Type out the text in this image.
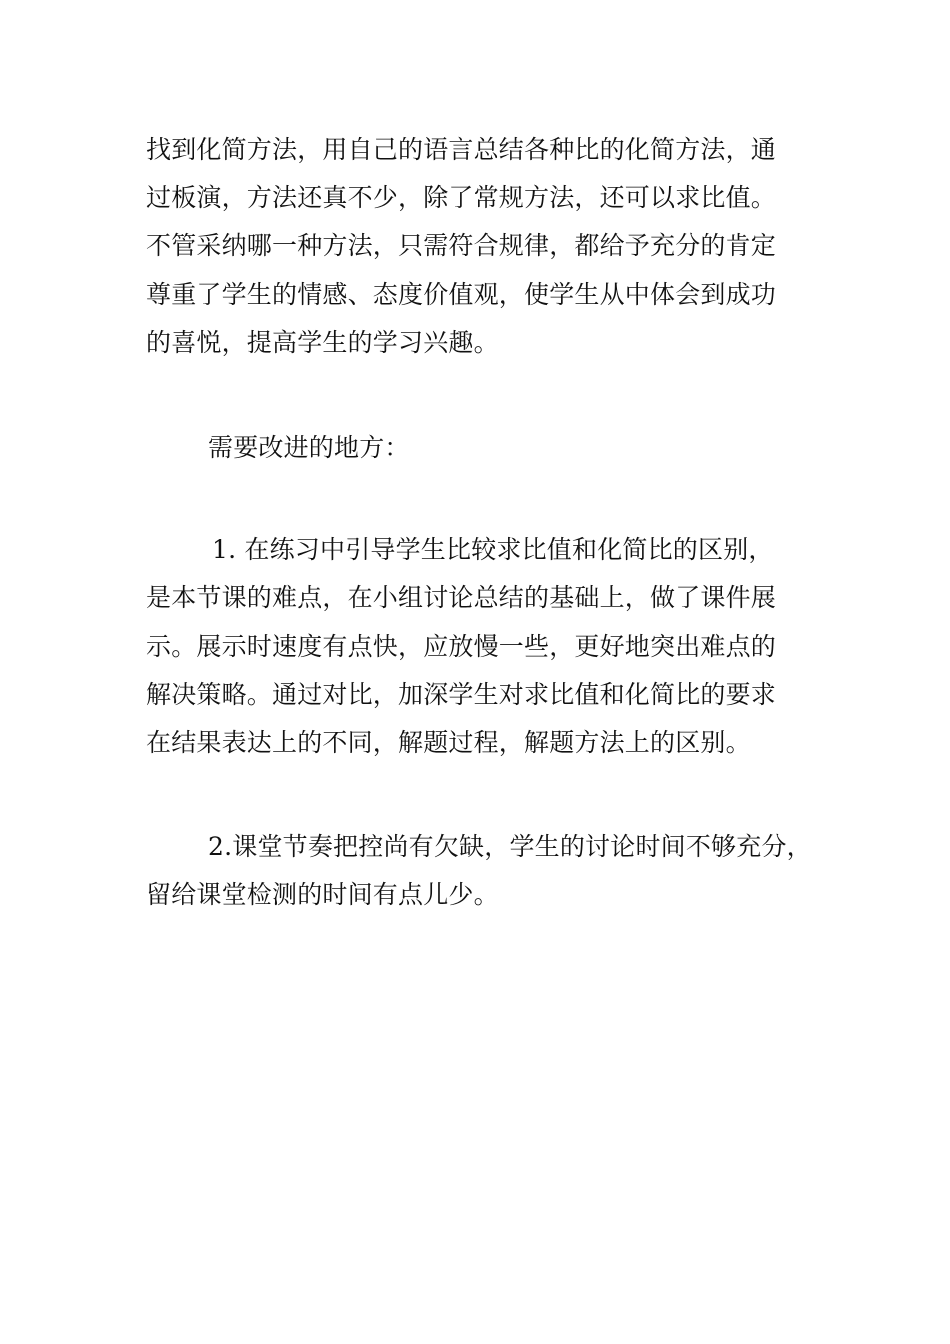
找到化简方法，用自己的语言总结各种比的化简方法，通
过板演，方法还真不少，除了常规方法，还可以求比值。
不管采纳哪一种方法，只需符合规律，都给予充分的肯定
尊重了学生的情感、态度价值观，使学生从中体会到成功
的喜悦，提高学生的学习兴趣。
需要改进的地方：
1. 在练习中引导学生比较求比值和化简比的区别，
是本节课的难点，在小组讨论总结的基础上，做了课件展
示。展示时速度有点快，应放慢一些，更好地突出难点的
解决策略。通过对比，加深学生对求比值和化简比的要求
在结果表达上的不同，解题过程，解题方法上的区别。
2.课堂节奏把控尚有欠缺，学生的讨论时间不够充分，
留给课堂检测的时间有点儿少。
